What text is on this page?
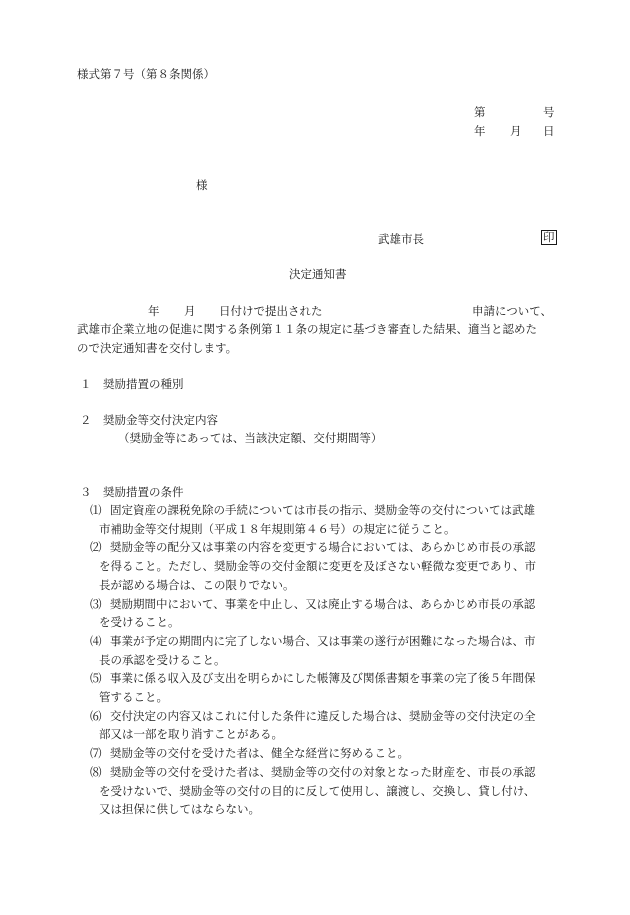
様式第７号（第８条関係）
第	号
年 月 日
様
武雄市長	印
決定通知書
年 月 日付けで提出された	申請について、
武雄市企業立地の促進に関する条例第１１条の規定に基づき審査した結果、適当と認めた
ので決定通知書を交付します。
１　奨励措置の種別
２　奨励金等交付決定内容
（奨励金等にあっては、当該決定額、交付期間等）
３　奨励措置の条件
⑴ 固定資産の課税免除の手続については市長の指示、奨励金等の交付については武雄
市補助金等交付規則（平成１８年規則第４６号）の規定に従うこと。
⑵ 奨励金等の配分又は事業の内容を変更する場合においては、あらかじめ市長の承認
を得ること。ただし、奨励金等の交付金額に変更を及ぼさない軽微な変更であり、市
長が認める場合は、この限りでない。
⑶ 奨励期間中において、事業を中止し、又は廃止する場合は、あらかじめ市長の承認
を受けること。
⑷ 事業が予定の期間内に完了しない場合、又は事業の遂行が困難になった場合は、市
長の承認を受けること。
⑸ 事業に係る収入及び支出を明らかにした帳簿及び関係書類を事業の完了後５年間保
管すること。
⑹ 交付決定の内容又はこれに付した条件に違反した場合は、奨励金等の交付決定の全
部又は一部を取り消すことがある。
⑺ 奨励金等の交付を受けた者は、健全な経営に努めること。
⑻ 奨励金等の交付を受けた者は、奨励金等の交付の対象となった財産を、市長の承認
を受けないで、奨励金等の交付の目的に反して使用し、譲渡し、交換し、貸し付け、
又は担保に供してはならない。
